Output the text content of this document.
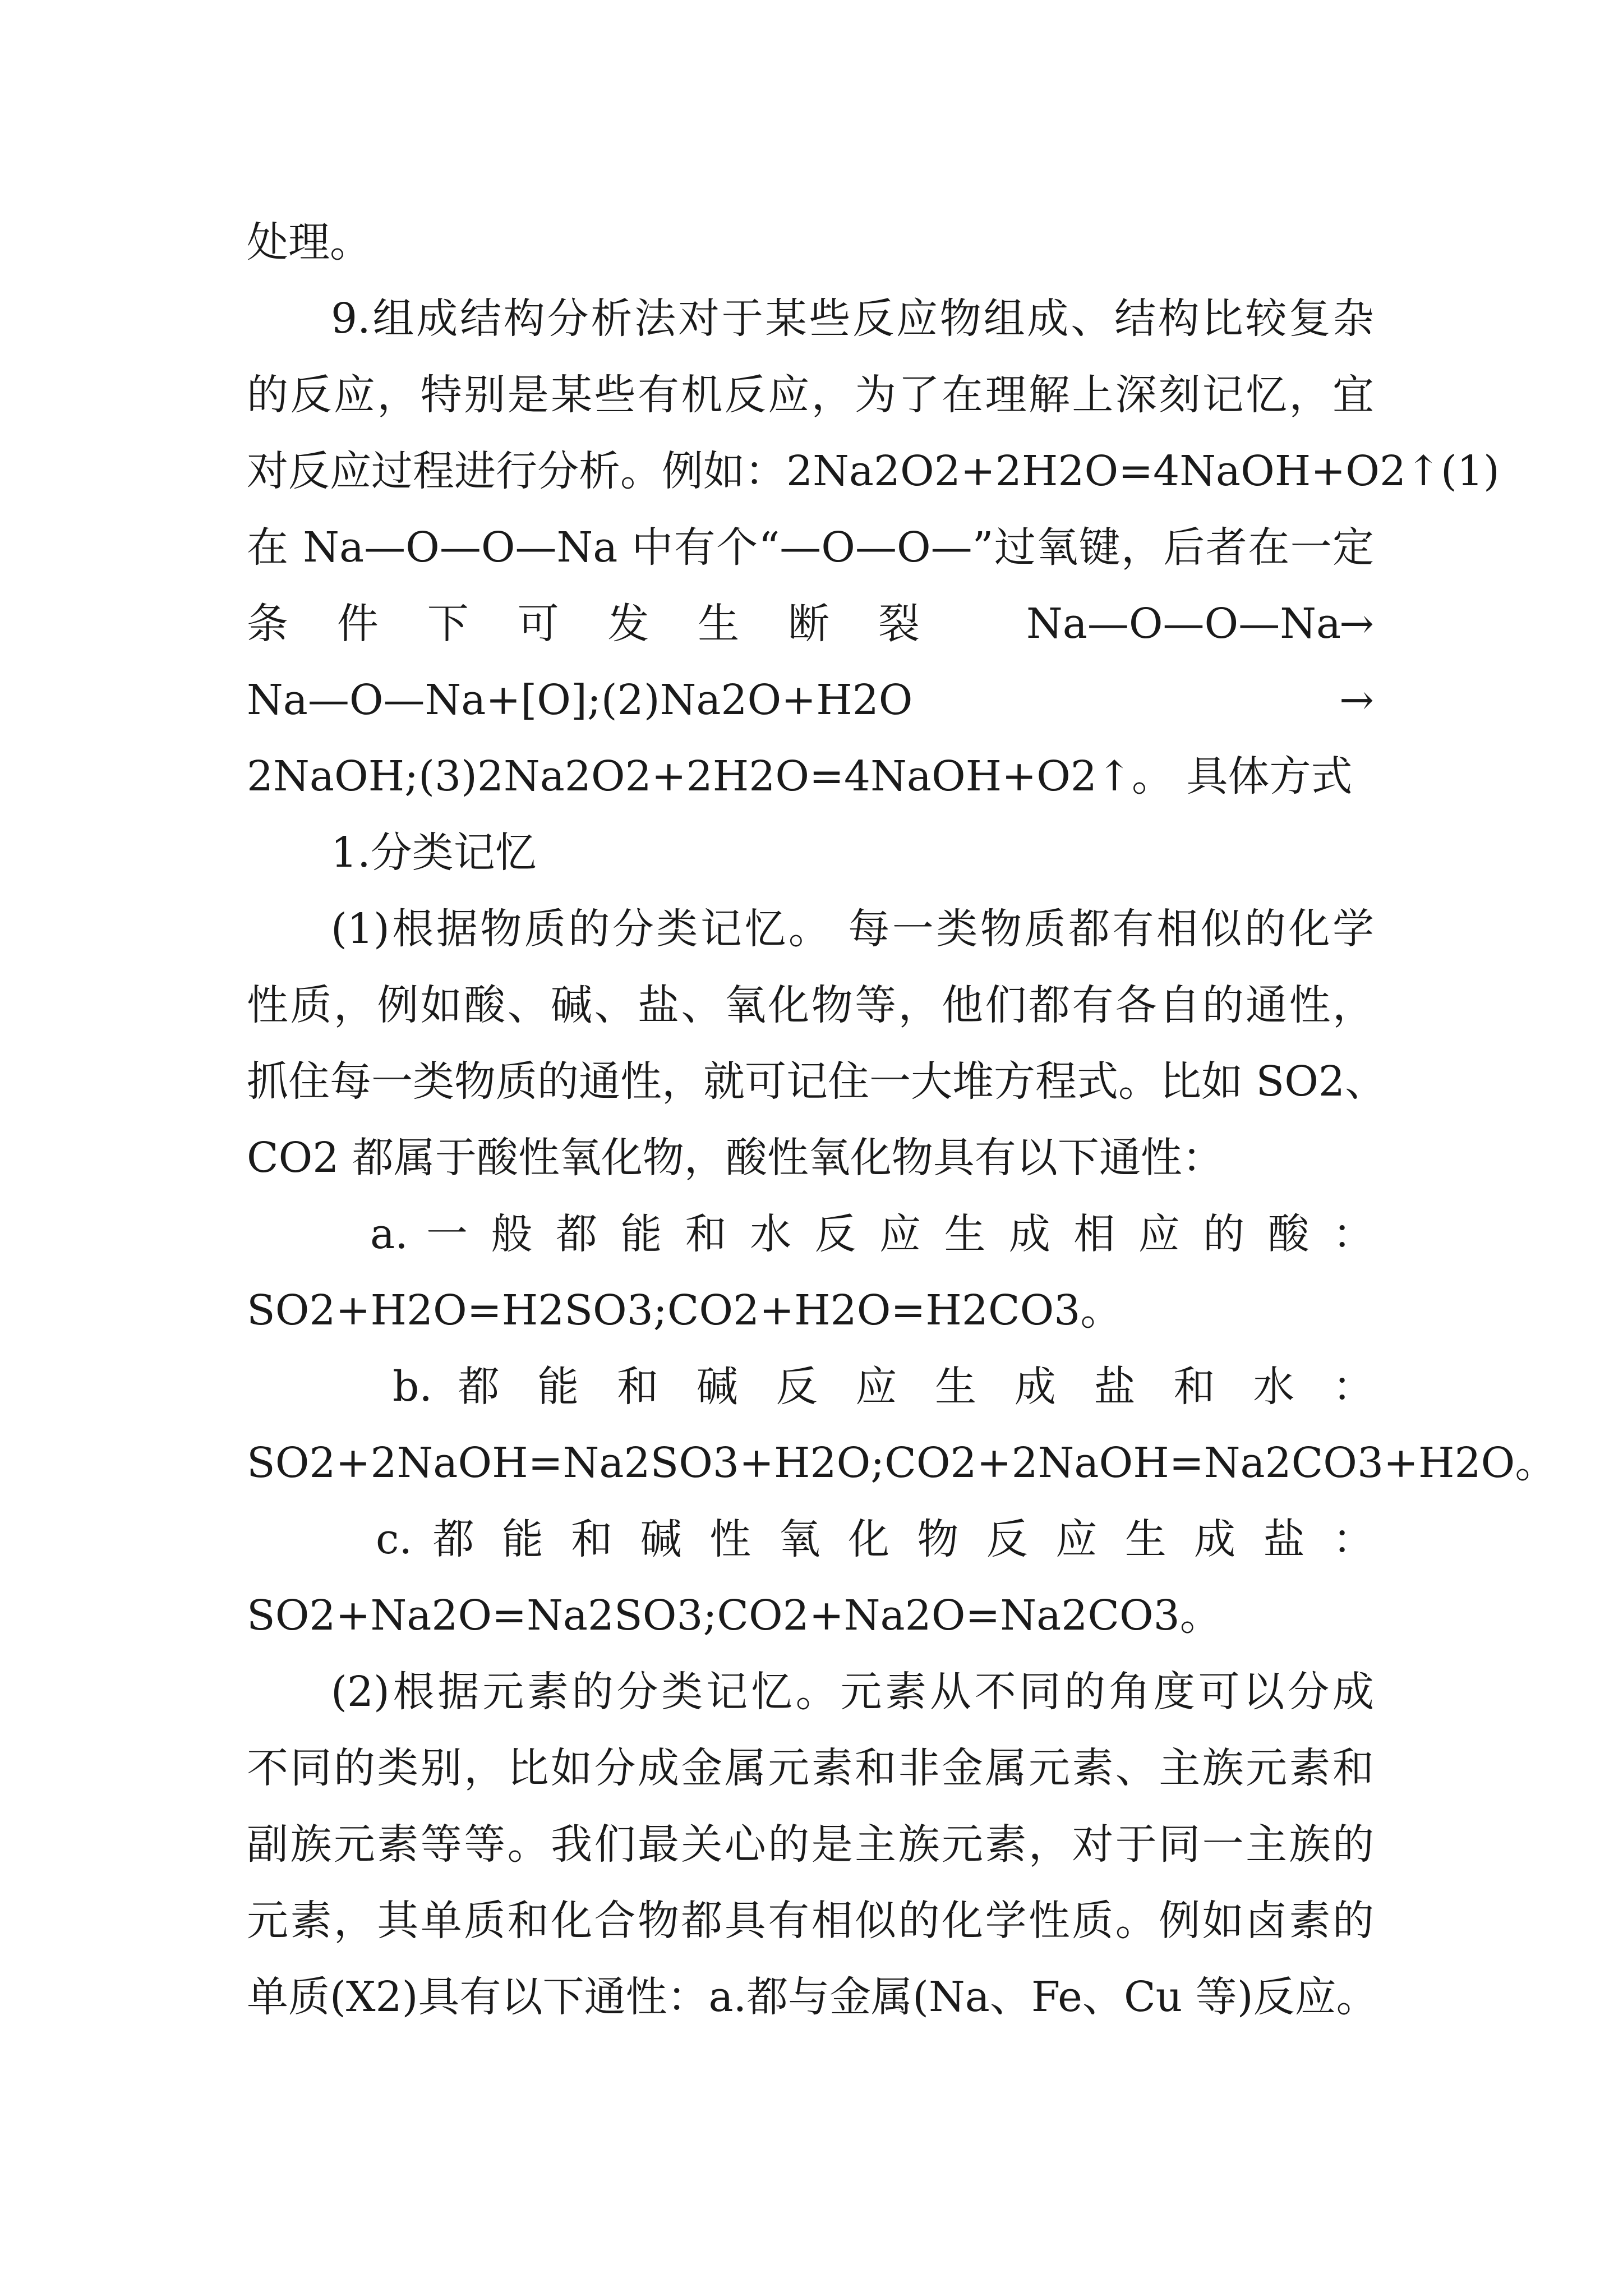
处理。
9.组成结构分析法对于某些反应物组成、结构比较复杂
的反应，特别是某些有机反应，为了在理解上深刻记忆，宜
对反应过程进行分析。例如：2Na2O2+2H2O=4NaOH+O2↑(1)
在 Na—O—O—Na 中有个“—O—O—”过氧键，后者在一定
条 件 下 可 发 生 断 裂	Na—O—O—Na
→
Na—O—Na+[O];(2)Na2O+H2O	→
2NaOH;(3)2Na2O2+2H2O=4NaOH+O2↑。 具体方式
1.分类记忆
(1)根据物质的分类记忆。 每一类物质都有相似的化学
性质，例如酸、碱、盐、氧化物等，他们都有各自的通性，
抓住每一类物质的通性，就可记住一大堆方程式。比如 SO2、
CO2 都属于酸性氧化物，酸性氧化物具有以下通性：
a. 一 般 都 能 和 水 反 应 生 成 相 应 的 酸 ：
SO2+H2O=H2SO3;CO2+H2O=H2CO3。
b. 都 能 和 碱 反 应 生 成 盐 和 水 ：
SO2+2NaOH=Na2SO3+H2O;CO2+2NaOH=Na2CO3+H2O。
c. 都 能 和 碱 性 氧 化 物 反 应 生 成 盐 ：
SO2+Na2O=Na2SO3;CO2+Na2O=Na2CO3。
(2)根据元素的分类记忆。元素从不同的角度可以分成
不同的类别，比如分成金属元素和非金属元素、主族元素和
副族元素等等。我们最关心的是主族元素，对于同一主族的
元素，其单质和化合物都具有相似的化学性质。例如卤素的
单质(X2)具有以下通性：a.都与金属(Na、Fe、Cu 等)反应。
